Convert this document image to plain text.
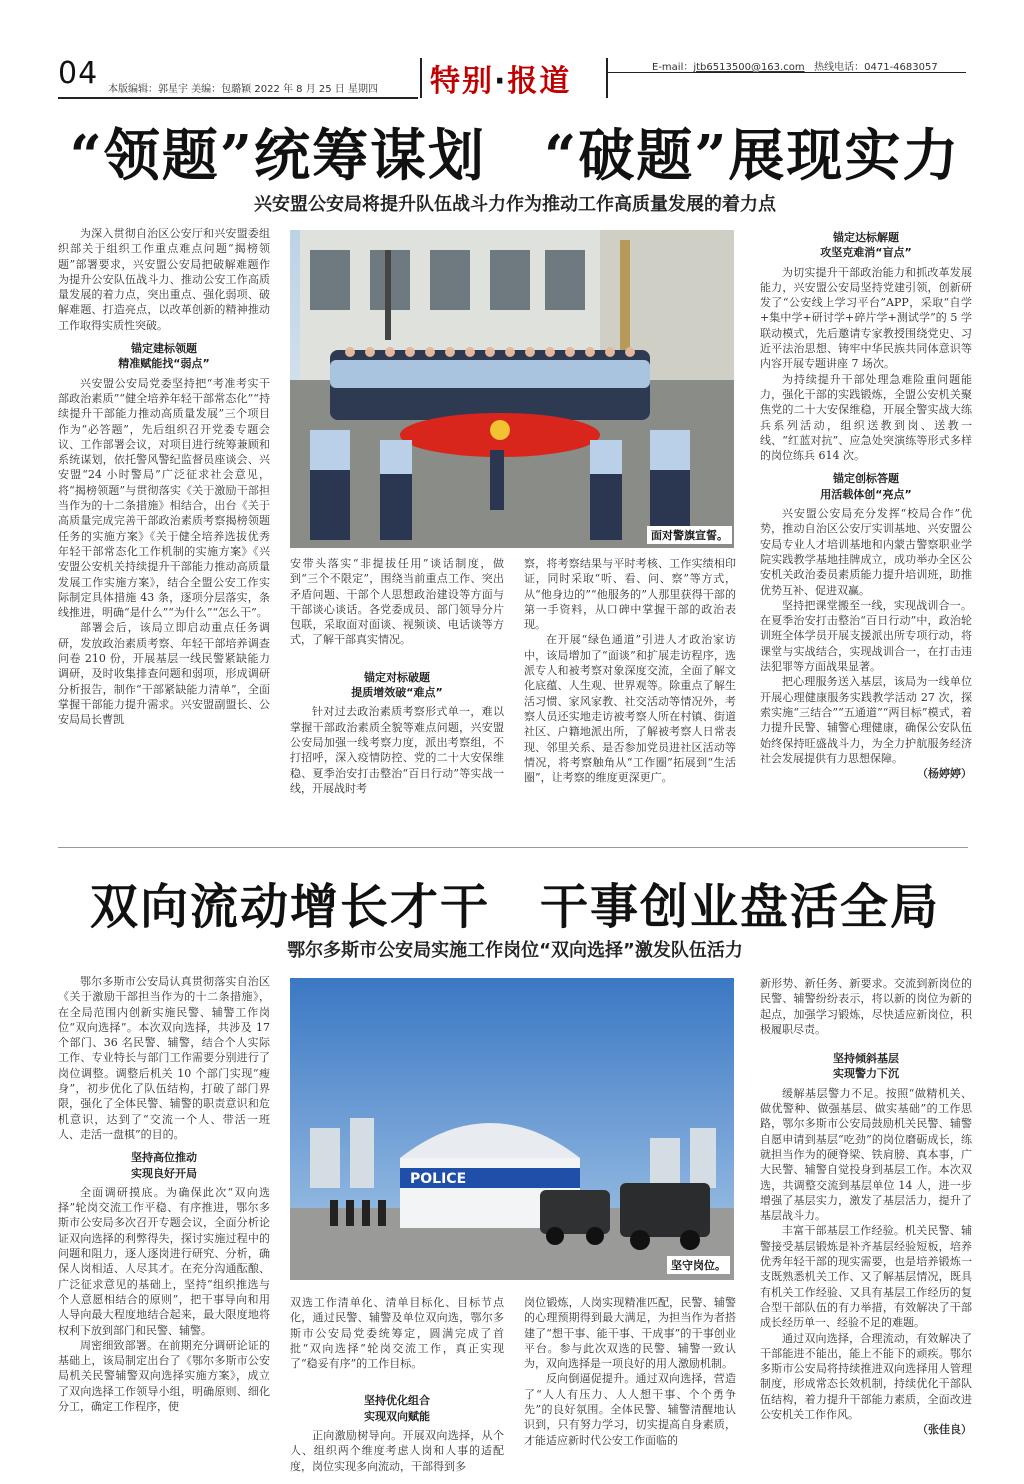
04 本版编辑：郭星宇 美编：包璐颖 2022 年 8 月 25 日 星期四 特别·报道	E-mail：jtb6513500@163.com 热线电话：0471-4683057
“领题”统筹谋划　“破题”展现实力
兴安盟公安局将提升队伍战斗力作为推动工作高质量发展的着力点

为深入贯彻自治区公安厅和兴安盟委组织部关于组织工作重点难点问题“揭榜领题”部署要求，兴安盟公安局把破解难题作为提升公安队伍战斗力、推动公安工作高质量发展的着力点，突出重点、强化弱项、破解难题、打造亮点，以改革创新的精神推动工作取得实质性突破。

锚定建标领题
精准赋能找“弱点”

兴安盟公安局党委坚持把“考准考实干部政治素质”“健全培养年轻干部常态化”“持续提升干部能力推动高质量发展”三个项目作为“必答题”，先后组织召开党委专题会议、工作部署会议，对项目进行统筹兼顾和系统谋划，依托警风警纪监督员座谈会、兴安盟“24 小时警局”广泛征求社会意见，将“揭榜领题”与贯彻落实《关于激励干部担当作为的十二条措施》相结合，出台《关于高质量完成完善干部政治素质考察揭榜领题任务的实施方案》《关于健全培养选拔优秀年轻干部常态化工作机制的实施方案》《兴安盟公安机关持续提升干部能力推动高质量发展工作实施方案》，结合全盟公安工作实际制定具体措施 43 条，逐项分层落实，条线推进，明确“是什么”“为什么”“怎么干”。

部署会后，该局立即启动重点任务调研，发放政治素质考察、年轻干部培养调查问卷 210 份，开展基层一线民警紧缺能力调研，及时收集排查问题和弱项，形成调研分析报告，制作“干部紧缺能力清单”，全面掌握干部能力提升需求。兴安盟副盟长、公安局局长曹凯

面对警旗宣誓。

安带头落实“非提拔任用”谈话制度，做到“三个不限定”，围绕当前重点工作、突出矛盾问题、干部个人思想政治建设等方面与干部谈心谈话。各党委成员、部门领导分片包联，采取面对面谈、视频谈、电话谈等方式，了解干部真实情况。

锚定对标破题
提质增效破“难点”

针对过去政治素质考察形式单一，难以掌握干部政治素质全貌等难点问题，兴安盟公安局加强一线考察力度，派出考察组，不打招呼，深入疫情防控、党的二十大安保维稳、夏季治安打击整治“百日行动”等实战一线，开展战时考

察，将考察结果与平时考核、工作实绩相印证，同时采取“听、看、问、察”等方式，从“他身边的”“他服务的”人那里获得干部的第一手资料，从口碑中掌握干部的政治表现。

在开展“绿色通道”引进人才政治家访中，该局增加了“面谈”和扩展走访程序，选派专人和被考察对象深度交流，全面了解文化底蕴、人生观、世界观等。除重点了解生活习惯、家风家教、社交活动等情况外，考察人员还实地走访被考察人所在村镇、街道社区、户籍地派出所，了解被考察人日常表现、邻里关系、是否参加党员进社区活动等情况，将考察触角从“工作圈”拓展到“生活圈”，让考察的维度更深更广。

锚定达标解题
攻坚克难消“盲点”

为切实提升干部政治能力和抓改革发展能力，兴安盟公安局坚持党建引领，创新研发了“公安线上学习平台”APP，采取“自学+集中学+研讨学+碎片学+测试学”的 5 学联动模式，先后邀请专家教授围绕党史、习近平法治思想、铸牢中华民族共同体意识等内容开展专题讲座 7 场次。

为持续提升干部处理急难险重问题能力，强化干部的实践锻炼，全盟公安机关聚焦党的二十大安保维稳，开展全警实战大练兵系列活动，组织送教到岗、送教一线、“红蓝对抗”、应急处突演练等形式多样的岗位练兵 614 次。

锚定创标答题
用活载体创“亮点”

兴安盟公安局充分发挥“校局合作”优势，推动自治区公安厅实训基地、兴安盟公安局专业人才培训基地和内蒙古警察职业学院实践教学基地挂牌成立，成功举办全区公安机关政治委员素质能力提升培训班，助推优势互补、促进双赢。

坚持把课堂搬至一线，实现战训合一。在夏季治安打击整治“百日行动”中，政治轮训班全体学员开展支援派出所专项行动，将课堂与实战结合，实现战训合一，在打击违法犯罪等方面战果显著。

把心理服务送入基层，该局为一线单位开展心理健康服务实践教学活动 27 次，探索实施“三结合”“五通道”“两目标”模式，着力提升民警、辅警心理健康，确保公安队伍始终保持旺盛战斗力，为全力护航服务经济社会发展提供有力思想保障。

（杨婷婷）
双向流动增长才干　干事创业盘活全局
鄂尔多斯市公安局实施工作岗位“双向选择”激发队伍活力

鄂尔多斯市公安局认真贯彻落实自治区《关于激励干部担当作为的十二条措施》，在全局范围内创新实施民警、辅警工作岗位“双向选择”。本次双向选择，共涉及 17 个部门、36 名民警、辅警，结合个人实际工作、专业特长与部门工作需要分别进行了岗位调整。调整后机关 10 个部门实现“瘦身”，初步优化了队伍结构，打破了部门界限，强化了全体民警、辅警的职责意识和危机意识，达到了“交流一个人、带活一班人、走活一盘棋”的目的。

坚持高位推动
实现良好开局

全面调研摸底。为确保此次“双向选择”轮岗交流工作平稳、有序推进，鄂尔多斯市公安局多次召开专题会议，全面分析论证双向选择的利弊得失，探讨实施过程中的问题和阻力，逐人逐岗进行研究、分析，确保人岗相适、人尽其才。在充分沟通酝酿、广泛征求意见的基础上，坚持“组织推选与个人意愿相结合的原则”，把干事导向和用人导向最大程度地结合起来，最大限度地将权利下放到部门和民警、辅警。

周密细致部署。在前期充分调研论证的基础上，该局制定出台了《鄂尔多斯市公安局机关民警辅警双向选择实施方案》，成立了双向选择工作领导小组，明确原则、细化分工，确定工作程序，使

POLICE
坚守岗位。

双选工作清单化、清单目标化、目标节点化，通过民警、辅警及单位双向选，鄂尔多斯市公安局党委统筹定，圆满完成了首批“双向选择”轮岗交流工作，真正实现了“稳妥有序”的工作目标。

坚持优化组合
实现双向赋能

正向激励树导向。开展双向选择，从个人、组织两个维度考虑人岗和人事的适配度，岗位实现多向流动，干部得到多

岗位锻炼，人岗实现精准匹配，民警、辅警的心理预期得到最大满足，为担当作为者搭建了“想干事、能干事、干成事”的干事创业平台。参与此次双选的民警、辅警一致认为，双向选择是一项良好的用人激励机制。

反向倒逼促提升。通过双向选择，营造了“人人有压力、人人想干事、个个勇争先”的良好氛围。全体民警、辅警清醒地认识到，只有努力学习，切实提高自身素质，才能适应新时代公安工作面临的

新形势、新任务、新要求。交流到新岗位的民警、辅警纷纷表示，将以新的岗位为新的起点，加强学习锻炼，尽快适应新岗位，积极履职尽责。

坚持倾斜基层
实现警力下沉

缓解基层警力不足。按照“做精机关、做优警种、做强基层、做实基础”的工作思路，鄂尔多斯市公安局鼓励机关民警、辅警自愿申请到基层“吃劲”的岗位磨砺成长，练就担当作为的硬脊梁、铁肩膀、真本事，广大民警、辅警自觉投身到基层工作。本次双选，共调整交流到基层单位 14 人，进一步增强了基层实力，激发了基层活力，提升了基层战斗力。

丰富干部基层工作经验。机关民警、辅警接受基层锻炼是补齐基层经验短板，培养优秀年轻干部的现实需要，也是培养锻炼一支既熟悉机关工作、又了解基层情况，既具有机关工作经验、又具有基层工作经历的复合型干部队伍的有力举措，有效解决了干部成长经历单一、经验不足的难题。

通过双向选择，合理流动，有效解决了干部能进不能出，能上不能下的顽疾。鄂尔多斯市公安局将持续推进双向选择用人管理制度，形成常态长效机制，持续优化干部队伍结构，着力提升干部能力素质，全面改进公安机关工作作风。

（张佳良）
